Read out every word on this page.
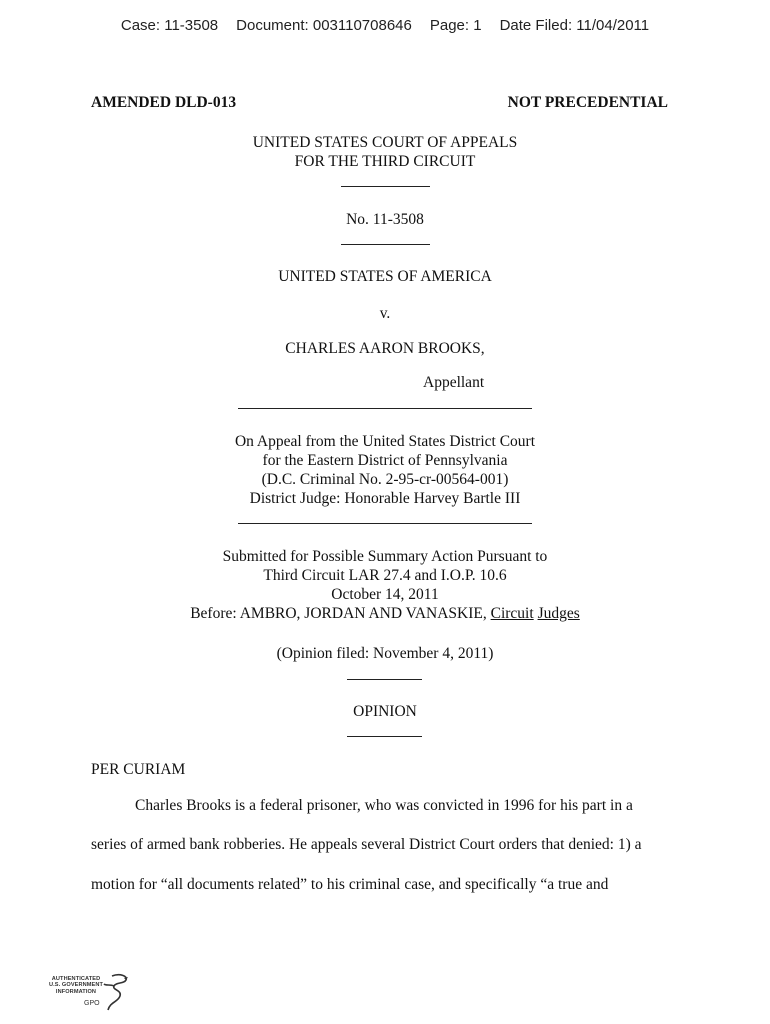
Case: 11-3508 Document: 003110708646 Page: 1 Date Filed: 11/04/2011
AMENDED DLD-013	NOT PRECEDENTIAL
UNITED STATES COURT OF APPEALS
FOR THE THIRD CIRCUIT
No. 11-3508
UNITED STATES OF AMERICA
v.
CHARLES AARON BROOKS,
Appellant
On Appeal from the United States District Court
for the Eastern District of Pennsylvania
(D.C. Criminal No. 2-95-cr-00564-001)
District Judge: Honorable Harvey Bartle III
Submitted for Possible Summary Action Pursuant to
Third Circuit LAR 27.4 and I.O.P. 10.6
October 14, 2011
Before: AMBRO, JORDAN AND VANASKIE, Circuit Judges
(Opinion filed: November 4, 2011)
OPINION
PER CURIAM
Charles Brooks is a federal prisoner, who was convicted in 1996 for his part in a
series of armed bank robberies. He appeals several District Court orders that denied: 1) a
motion for “all documents related” to his criminal case, and specifically “a true and
AUTHENTICATED
U.S. GOVERNMENT
INFORMATION
GPO
